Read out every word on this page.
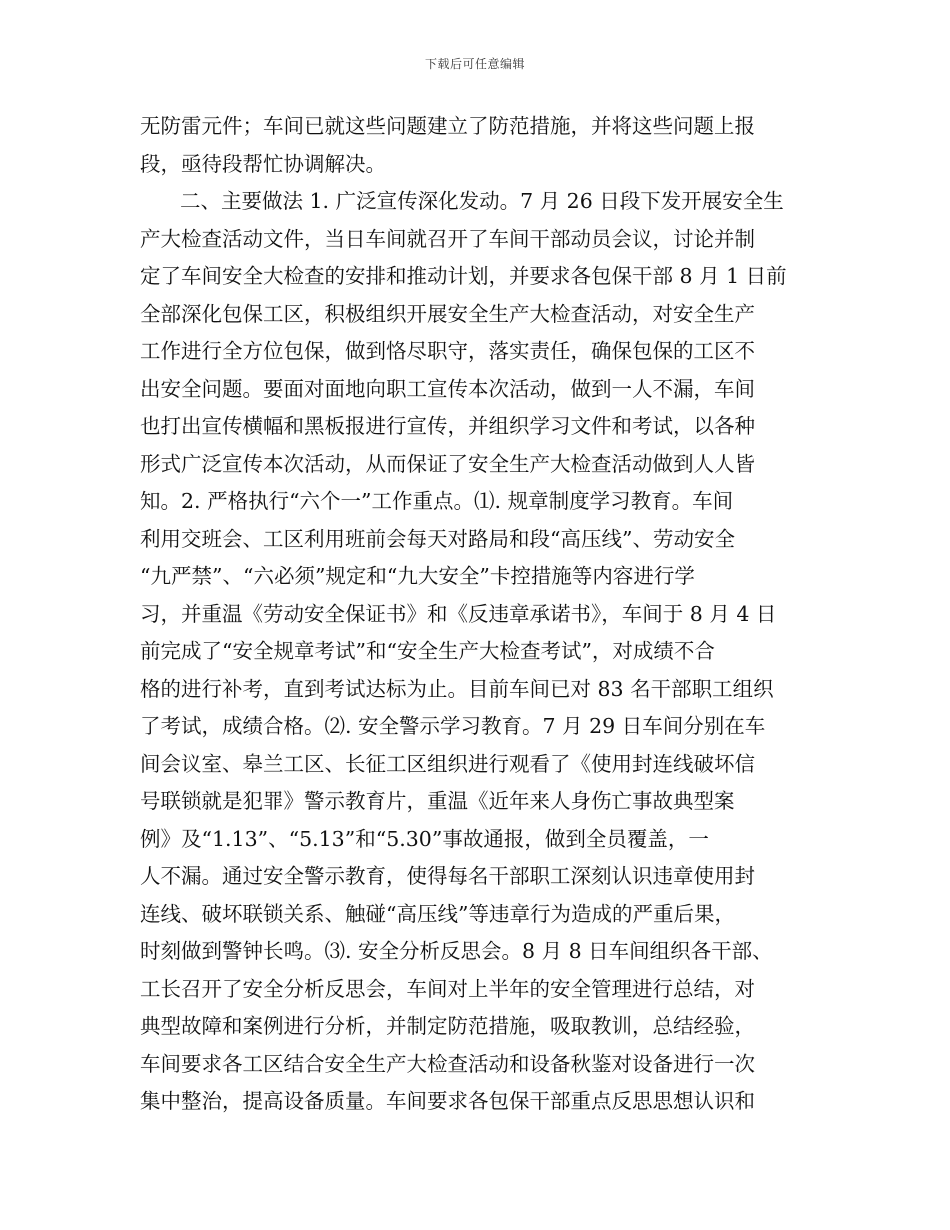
下载后可任意编辑
无防雷元件；车间已就这些问题建立了防范措施，并将这些问题上报
段，亟待段帮忙协调解决。
二、主要做法 1. 广泛宣传深化发动。7 月 26 日段下发开展安全生
产大检查活动文件，当日车间就召开了车间干部动员会议，讨论并制
定了车间安全大检查的安排和推动计划，并要求各包保干部 8 月 1 日前
全部深化包保工区，积极组织开展安全生产大检查活动，对安全生产
工作进行全方位包保，做到恪尽职守，落实责任，确保包保的工区不
出安全问题。要面对面地向职工宣传本次活动，做到一人不漏，车间
也打出宣传横幅和黑板报进行宣传，并组织学习文件和考试，以各种
形式广泛宣传本次活动，从而保证了安全生产大检查活动做到人人皆
知。2. 严格执行“六个一”工作重点。⑴. 规章制度学习教育。车间
利用交班会、工区利用班前会每天对路局和段“高压线”、劳动安全
“九严禁”、“六必须”规定和“九大安全”卡控措施等内容进行学
习，并重温《劳动安全保证书》和《反违章承诺书》，车间于 8 月 4 日
前完成了“安全规章考试”和“安全生产大检查考试”，对成绩不合
格的进行补考，直到考试达标为止。目前车间已对 83 名干部职工组织
了考试，成绩合格。⑵. 安全警示学习教育。7 月 29 日车间分别在车
间会议室、皋兰工区、长征工区组织进行观看了《使用封连线破坏信
号联锁就是犯罪》警示教育片，重温《近年来人身伤亡事故典型案
例》及“1.13”、“5.13”和“5.30”事故通报，做到全员覆盖，一
人不漏。通过安全警示教育，使得每名干部职工深刻认识违章使用封
连线、破坏联锁关系、触碰“高压线”等违章行为造成的严重后果，
时刻做到警钟长鸣。⑶. 安全分析反思会。8 月 8 日车间组织各干部、
工长召开了安全分析反思会，车间对上半年的安全管理进行总结，对
典型故障和案例进行分析，并制定防范措施，吸取教训，总结经验，
车间要求各工区结合安全生产大检查活动和设备秋鉴对设备进行一次
集中整治，提高设备质量。车间要求各包保干部重点反思思想认识和
